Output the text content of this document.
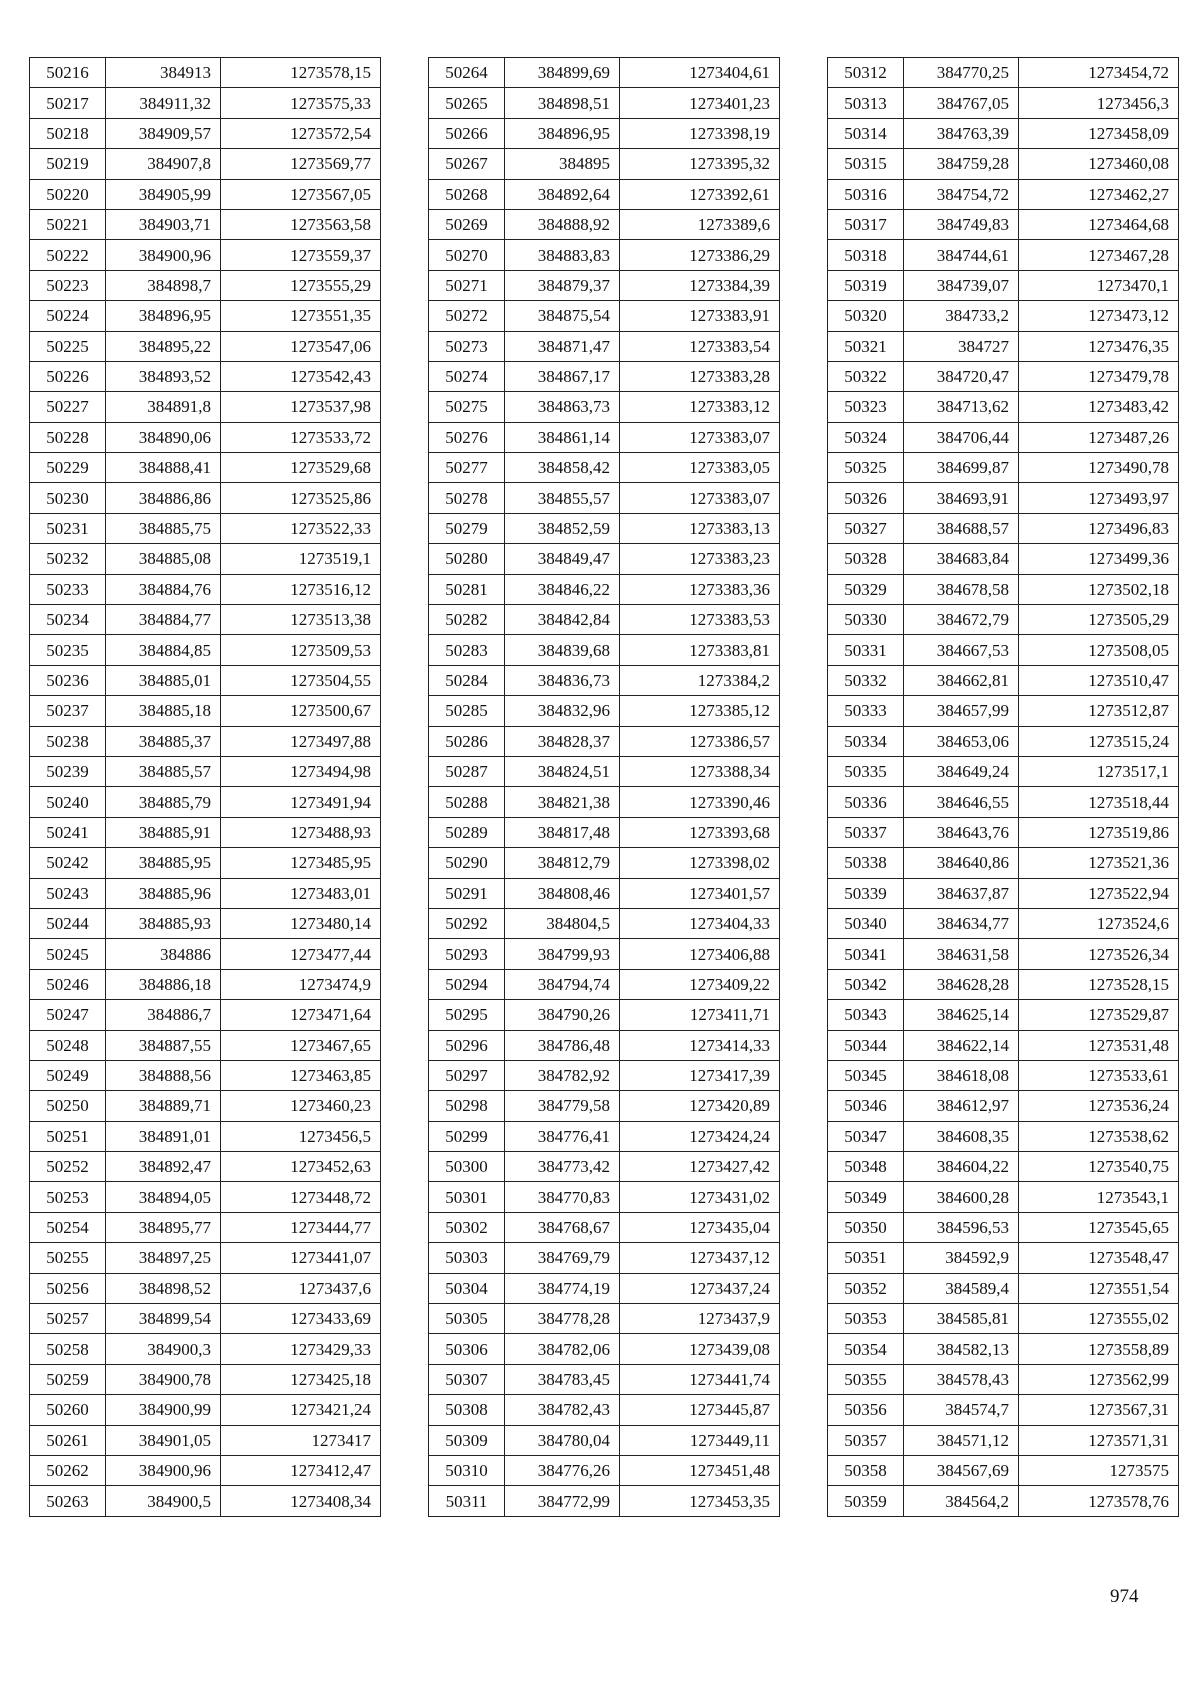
50216	384913	1273578,15
50217	384911,32	1273575,33
50218	384909,57	1273572,54
50219	384907,8	1273569,77
50220	384905,99	1273567,05
50221	384903,71	1273563,58
50222	384900,96	1273559,37
50223	384898,7	1273555,29
50224	384896,95	1273551,35
50225	384895,22	1273547,06
50226	384893,52	1273542,43
50227	384891,8	1273537,98
50228	384890,06	1273533,72
50229	384888,41	1273529,68
50230	384886,86	1273525,86
50231	384885,75	1273522,33
50232	384885,08	1273519,1
50233	384884,76	1273516,12
50234	384884,77	1273513,38
50235	384884,85	1273509,53
50236	384885,01	1273504,55
50237	384885,18	1273500,67
50238	384885,37	1273497,88
50239	384885,57	1273494,98
50240	384885,79	1273491,94
50241	384885,91	1273488,93
50242	384885,95	1273485,95
50243	384885,96	1273483,01
50244	384885,93	1273480,14
50245	384886	1273477,44
50246	384886,18	1273474,9
50247	384886,7	1273471,64
50248	384887,55	1273467,65
50249	384888,56	1273463,85
50250	384889,71	1273460,23
50251	384891,01	1273456,5
50252	384892,47	1273452,63
50253	384894,05	1273448,72
50254	384895,77	1273444,77
50255	384897,25	1273441,07
50256	384898,52	1273437,6
50257	384899,54	1273433,69
50258	384900,3	1273429,33
50259	384900,78	1273425,18
50260	384900,99	1273421,24
50261	384901,05	1273417
50262	384900,96	1273412,47
50263	384900,5	1273408,34
50264	384899,69	1273404,61
50265	384898,51	1273401,23
50266	384896,95	1273398,19
50267	384895	1273395,32
50268	384892,64	1273392,61
50269	384888,92	1273389,6
50270	384883,83	1273386,29
50271	384879,37	1273384,39
50272	384875,54	1273383,91
50273	384871,47	1273383,54
50274	384867,17	1273383,28
50275	384863,73	1273383,12
50276	384861,14	1273383,07
50277	384858,42	1273383,05
50278	384855,57	1273383,07
50279	384852,59	1273383,13
50280	384849,47	1273383,23
50281	384846,22	1273383,36
50282	384842,84	1273383,53
50283	384839,68	1273383,81
50284	384836,73	1273384,2
50285	384832,96	1273385,12
50286	384828,37	1273386,57
50287	384824,51	1273388,34
50288	384821,38	1273390,46
50289	384817,48	1273393,68
50290	384812,79	1273398,02
50291	384808,46	1273401,57
50292	384804,5	1273404,33
50293	384799,93	1273406,88
50294	384794,74	1273409,22
50295	384790,26	1273411,71
50296	384786,48	1273414,33
50297	384782,92	1273417,39
50298	384779,58	1273420,89
50299	384776,41	1273424,24
50300	384773,42	1273427,42
50301	384770,83	1273431,02
50302	384768,67	1273435,04
50303	384769,79	1273437,12
50304	384774,19	1273437,24
50305	384778,28	1273437,9
50306	384782,06	1273439,08
50307	384783,45	1273441,74
50308	384782,43	1273445,87
50309	384780,04	1273449,11
50310	384776,26	1273451,48
50311	384772,99	1273453,35
50312	384770,25	1273454,72
50313	384767,05	1273456,3
50314	384763,39	1273458,09
50315	384759,28	1273460,08
50316	384754,72	1273462,27
50317	384749,83	1273464,68
50318	384744,61	1273467,28
50319	384739,07	1273470,1
50320	384733,2	1273473,12
50321	384727	1273476,35
50322	384720,47	1273479,78
50323	384713,62	1273483,42
50324	384706,44	1273487,26
50325	384699,87	1273490,78
50326	384693,91	1273493,97
50327	384688,57	1273496,83
50328	384683,84	1273499,36
50329	384678,58	1273502,18
50330	384672,79	1273505,29
50331	384667,53	1273508,05
50332	384662,81	1273510,47
50333	384657,99	1273512,87
50334	384653,06	1273515,24
50335	384649,24	1273517,1
50336	384646,55	1273518,44
50337	384643,76	1273519,86
50338	384640,86	1273521,36
50339	384637,87	1273522,94
50340	384634,77	1273524,6
50341	384631,58	1273526,34
50342	384628,28	1273528,15
50343	384625,14	1273529,87
50344	384622,14	1273531,48
50345	384618,08	1273533,61
50346	384612,97	1273536,24
50347	384608,35	1273538,62
50348	384604,22	1273540,75
50349	384600,28	1273543,1
50350	384596,53	1273545,65
50351	384592,9	1273548,47
50352	384589,4	1273551,54
50353	384585,81	1273555,02
50354	384582,13	1273558,89
50355	384578,43	1273562,99
50356	384574,7	1273567,31
50357	384571,12	1273571,31
50358	384567,69	1273575
50359	384564,2	1273578,76
974
